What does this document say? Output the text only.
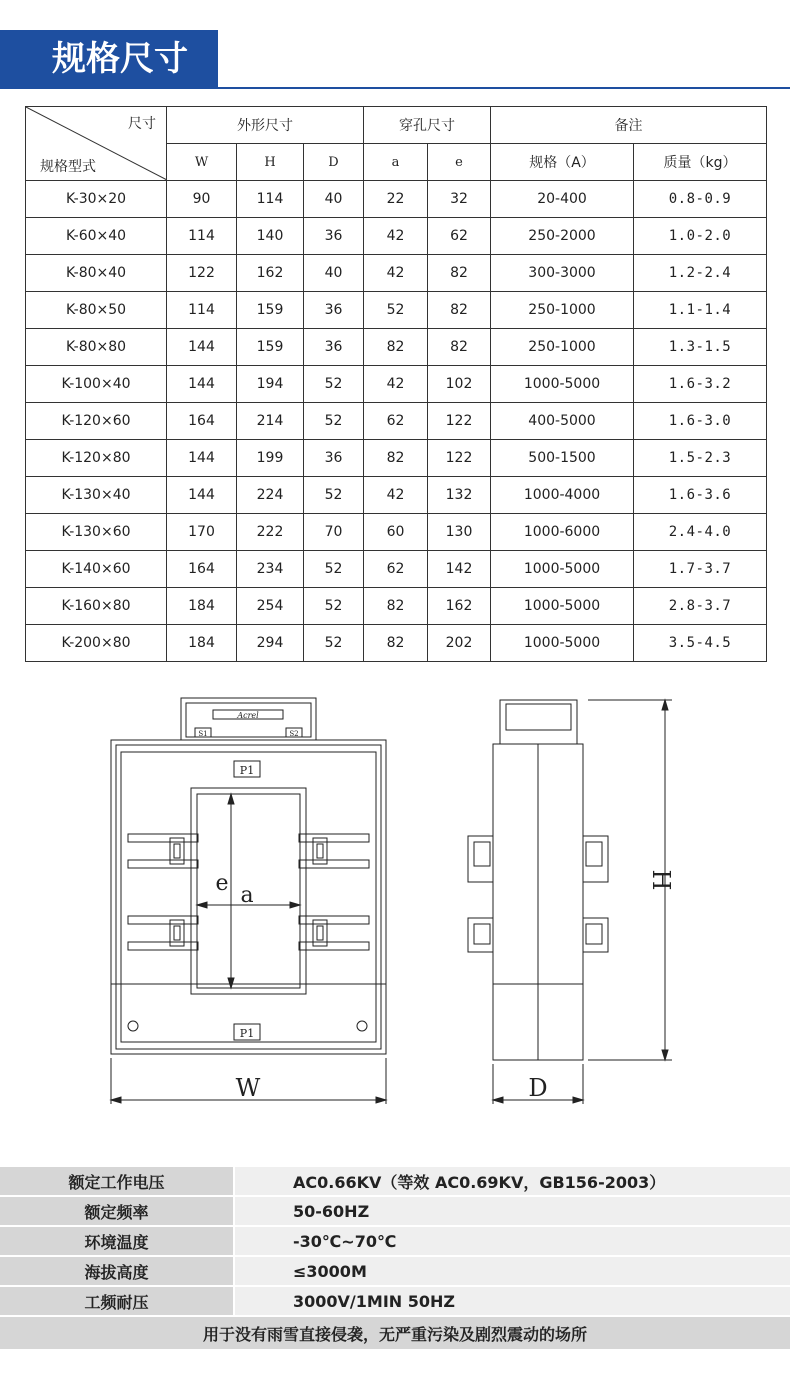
规格尺寸
尺寸
规格型式	外形尺寸			穿孔尺寸		备注	
	W	H	D	a	e	规格（A）	质量（kg）
K-30×20	90	114	40	22	32	20-400	0.8-0.9
K-60×40	114	140	36	42	62	250-2000	1.0-2.0
K-80×40	122	162	40	42	82	300-3000	1.2-2.4
K-80×50	114	159	36	52	82	250-1000	1.1-1.4
K-80×80	144	159	36	82	82	250-1000	1.3-1.5
K-100×40	144	194	52	42	102	1000-5000	1.6-3.2
K-120×60	164	214	52	62	122	400-5000	1.6-3.0
K-120×80	144	199	36	82	122	500-1500	1.5-2.3
K-130×40	144	224	52	42	132	1000-4000	1.6-3.6
K-130×60	170	222	70	60	130	1000-6000	2.4-4.0
K-140×60	164	234	52	62	142	1000-5000	1.7-3.7
K-160×80	184	254	52	82	162	1000-5000	2.8-3.7
K-200×80	184	294	52	82	202	1000-5000	3.5-4.5
P1
P1
S1	S2
Acrel
e a
W	D
H
额定工作电压	AC0.66KV（等效 AC0.69KV，GB156-2003）
额定频率	50-60HZ
环境温度	-30℃~70℃
海拔高度	≤3000M
工频耐压	3000V/1MIN 50HZ
用于没有雨雪直接侵袭，无严重污染及剧烈震动的场所	
